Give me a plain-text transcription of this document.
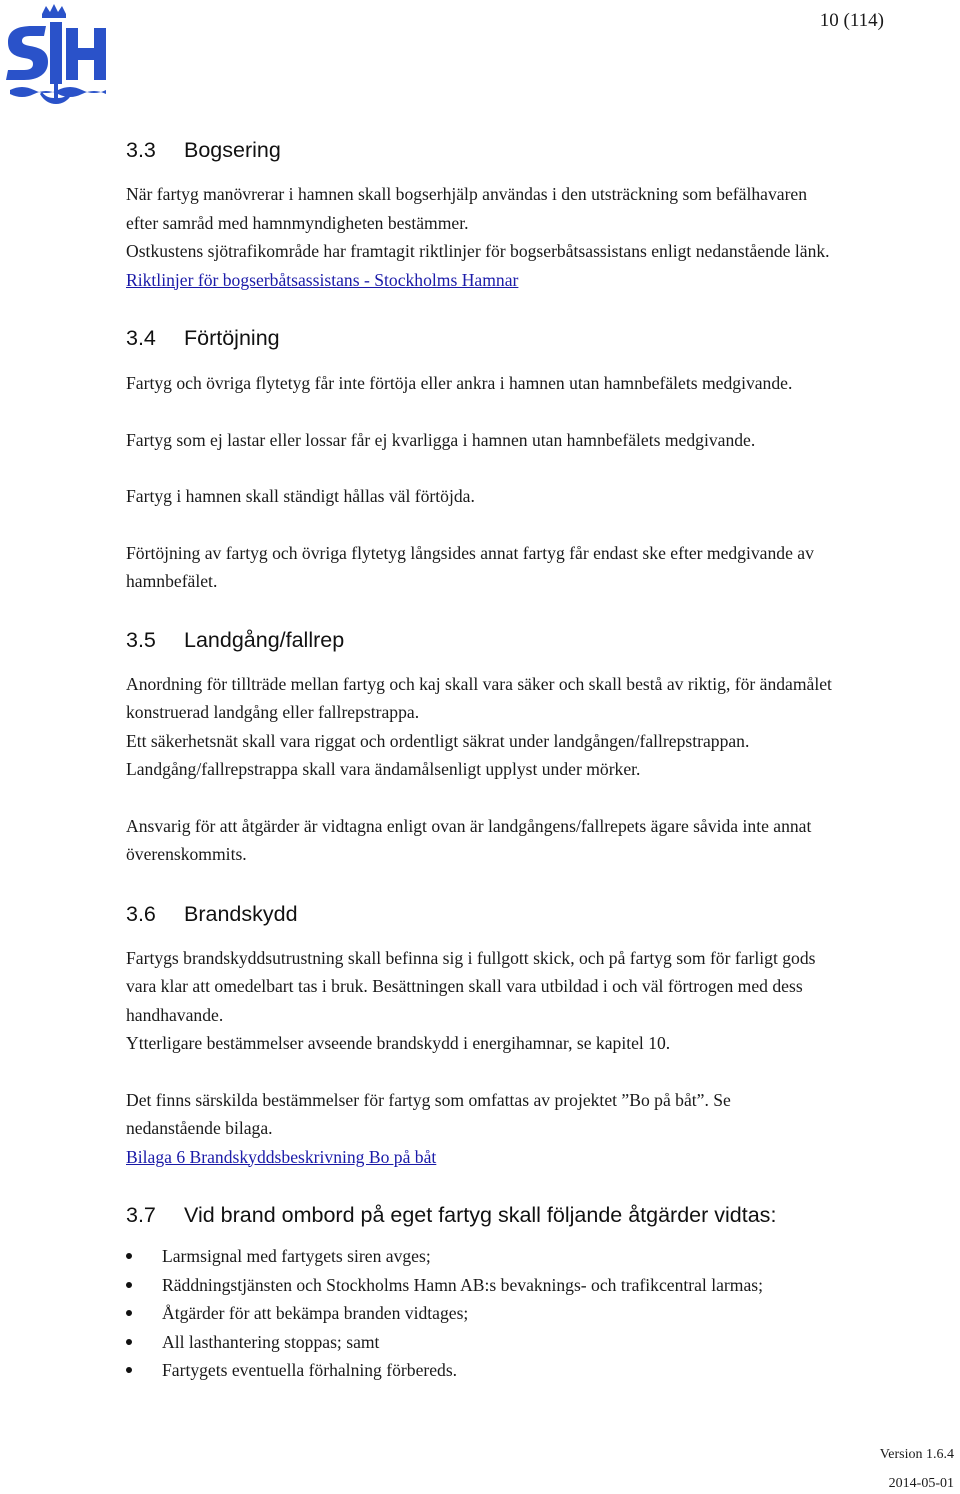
10 (114)
3.3	Bogsering

När fartyg manövrerar i hamnen skall bogserhjälp användas i den utsträckning som befälhavaren

efter samråd med hamnmyndigheten bestämmer.

Ostkustens sjötrafikområde har framtagit riktlinjer för bogserbåtsassistans enligt nedanstående länk.

Riktlinjer för bogserbåtsassistans - Stockholms Hamnar

3.4	Förtöjning

Fartyg och övriga flytetyg får inte förtöja eller ankra i hamnen utan hamnbefälets medgivande.

Fartyg som ej lastar eller lossar får ej kvarligga i hamnen utan hamnbefälets medgivande.

Fartyg i hamnen skall ständigt hållas väl förtöjda.

Förtöjning av fartyg och övriga flytetyg långsides annat fartyg får endast ske efter medgivande av

hamnbefälet.

3.5	Landgång/fallrep

Anordning för tillträde mellan fartyg och kaj skall vara säker och skall bestå av riktig, för ändamålet

konstruerad landgång eller fallrepstrappa.

Ett säkerhetsnät skall vara riggat och ordentligt säkrat under landgången/fallrepstrappan.

Landgång/fallrepstrappa skall vara ändamålsenligt upplyst under mörker.

Ansvarig för att åtgärder är vidtagna enligt ovan är landgångens/fallrepets ägare såvida inte annat

överenskommits.

3.6	Brandskydd

Fartygs brandskyddsutrustning skall befinna sig i fullgott skick, och på fartyg som för farligt gods

vara klar att omedelbart tas i bruk. Besättningen skall vara utbildad i och väl förtrogen med dess

handhavande.

Ytterligare bestämmelser avseende brandskydd i energihamnar, se kapitel 10.

Det finns särskilda bestämmelser för fartyg som omfattas av projektet ”Bo på båt”. Se

nedanstående bilaga.

Bilaga 6 Brandskyddsbeskrivning Bo på båt

3.7	Vid brand ombord på eget fartyg skall följande åtgärder vidtas:
Larmsignal med fartygets siren avges;
Räddningstjänsten och Stockholms Hamn AB:s bevaknings- och trafikcentral larmas;
Åtgärder för att bekämpa branden vidtages;
All lasthantering stoppas; samt
Fartygets eventuella förhalning förbereds.
Version 1.6.4
2014-05-01
